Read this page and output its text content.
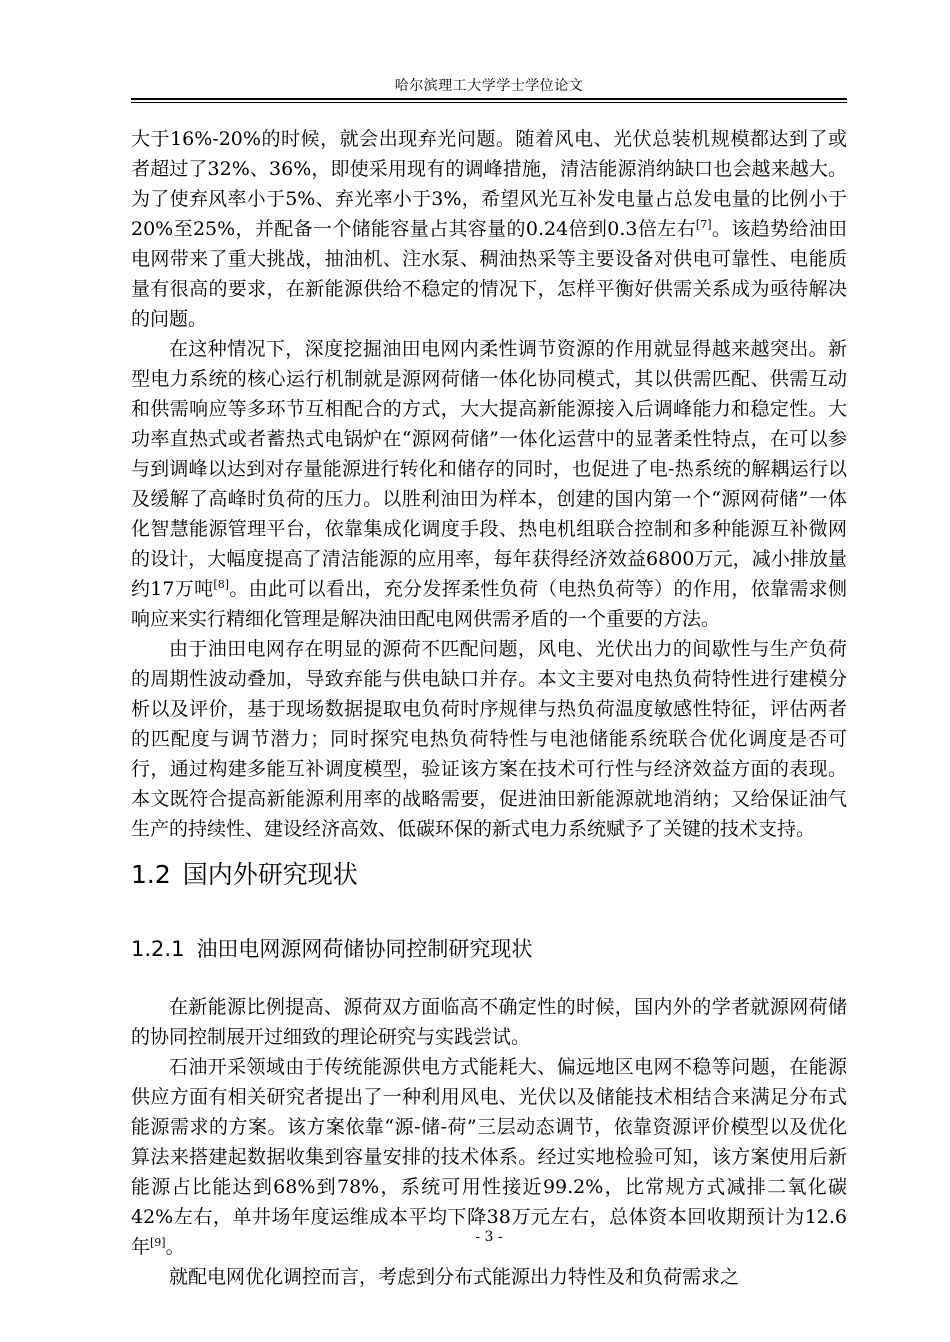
哈尔滨理工大学学士学位论文

大于16%-20%的时候，就会出现弃光问题。随着风电、光伏总装机规模都达到了或者超过了32%、36%，即使采用现有的调峰措施，清洁能源消纳缺口也会越来越大。为了使弃风率小于5%、弃光率小于3%，希望风光互补发电量占总发电量的比例小于20%至25%，并配备一个储能容量占其容量的0.24倍到0.3倍左右[7]。该趋势给油田电网带来了重大挑战，抽油机、注水泵、稠油热采等主要设备对供电可靠性、电能质量有很高的要求，在新能源供给不稳定的情况下，怎样平衡好供需关系成为亟待解决的问题。

在这种情况下，深度挖掘油田电网内柔性调节资源的作用就显得越来越突出。新型电力系统的核心运行机制就是源网荷储一体化协同模式，其以供需匹配、供需互动和供需响应等多环节互相配合的方式，大大提高新能源接入后调峰能力和稳定性。大功率直热式或者蓄热式电锅炉在“源网荷储”一体化运营中的显著柔性特点，在可以参与到调峰以达到对存量能源进行转化和储存的同时，也促进了电-热系统的解耦运行以及缓解了高峰时负荷的压力。以胜利油田为样本，创建的国内第一个“源网荷储”一体化智慧能源管理平台，依靠集成化调度手段、热电机组联合控制和多种能源互补微网的设计，大幅度提高了清洁能源的应用率，每年获得经济效益6800万元，减小排放量约17万吨[8]。由此可以看出，充分发挥柔性负荷（电热负荷等）的作用，依靠需求侧响应来实行精细化管理是解决油田配电网供需矛盾的一个重要的方法。

由于油田电网存在明显的源荷不匹配问题，风电、光伏出力的间歇性与生产负荷的周期性波动叠加，导致弃能与供电缺口并存。本文主要对电热负荷特性进行建模分析以及评价，基于现场数据提取电负荷时序规律与热负荷温度敏感性特征，评估两者的匹配度与调节潜力；同时探究电热负荷特性与电池储能系统联合优化调度是否可行，通过构建多能互补调度模型，验证该方案在技术可行性与经济效益方面的表现。本文既符合提高新能源利用率的战略需要，促进油田新能源就地消纳；又给保证油气生产的持续性、建设经济高效、低碳环保的新式电力系统赋予了关键的技术支持。

1.2 国内外研究现状
1.2.1 油田电网源网荷储协同控制研究现状

在新能源比例提高、源荷双方面临高不确定性的时候，国内外的学者就源网荷储的协同控制展开过细致的理论研究与实践尝试。

石油开采领域由于传统能源供电方式能耗大、偏远地区电网不稳等问题，在能源供应方面有相关研究者提出了一种利用风电、光伏以及储能技术相结合来满足分布式能源需求的方案。该方案依靠“源-储-荷”三层动态调节，依靠资源评价模型以及优化算法来搭建起数据收集到容量安排的技术体系。经过实地检验可知，该方案使用后新能源占比能达到68%到78%，系统可用性接近99.2%，比常规方式减排二氧化碳42%左右，单井场年度运维成本平均下降38万元左右，总体资本回收期预计为12.6年[9]。

就配电网优化调控而言，考虑到分布式能源出力特性及和负荷需求之

- 3 -
